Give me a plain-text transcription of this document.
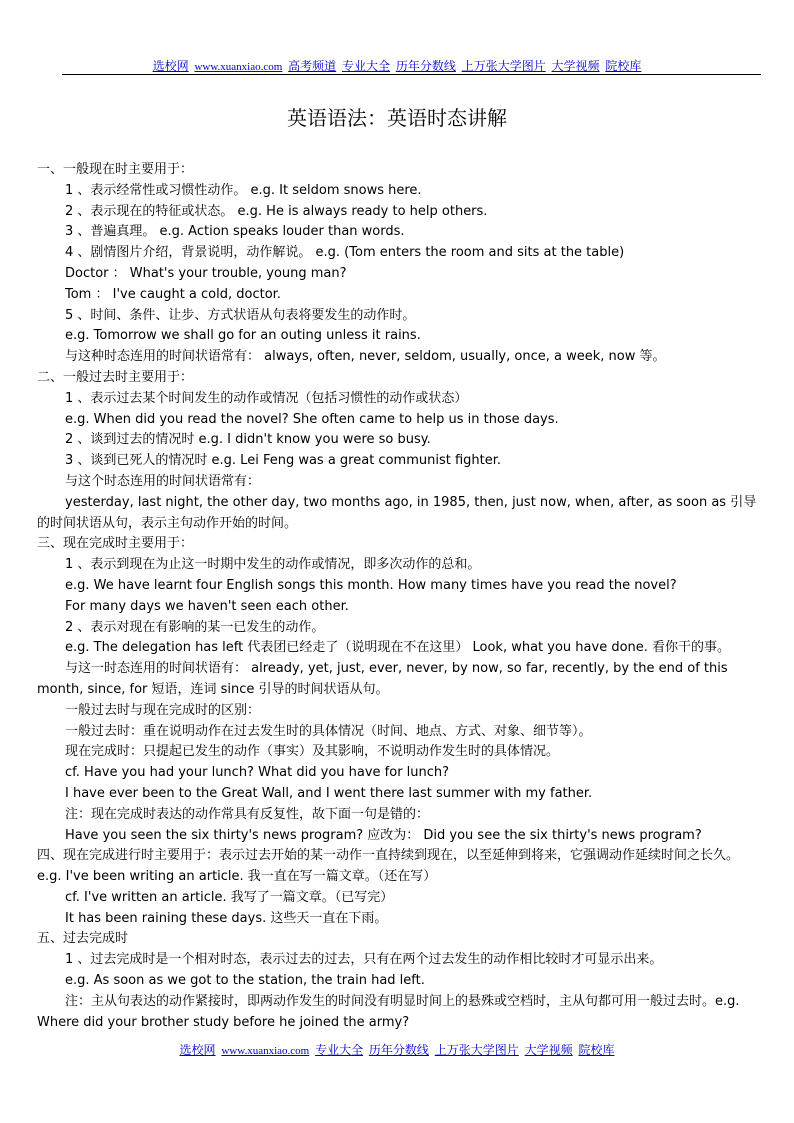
选校网 www.xuanxiao.com 高考频道 专业大全 历年分数线 上万张大学图片 大学视频 院校库
英语语法：英语时态讲解

一、一般现在时主要用于：

1 、表示经常性或习惯性动作。 e.g. It seldom snows here.

2 、表示现在的特征或状态。 e.g. He is always ready to help others.

3 、普遍真理。 e.g. Action speaks louder than words.

4 、剧情图片介绍，背景说明，动作解说。 e.g. (Tom enters the room and sits at the table)

Doctor ： What's your trouble, young man?

Tom ： I've caught a cold, doctor.

5 、时间、条件、让步、方式状语从句表将要发生的动作时。

e.g. Tomorrow we shall go for an outing unless it rains.

与这种时态连用的时间状语常有： always, often, never, seldom, usually, once, a week, now 等。

二、一般过去时主要用于：

1 、表示过去某个时间发生的动作或情况（包括习惯性的动作或状态）

e.g. When did you read the novel? She often came to help us in those days.

2 、谈到过去的情况时 e.g. I didn't know you were so busy.

3 、谈到已死人的情况时 e.g. Lei Feng was a great communist fighter.

与这个时态连用的时间状语常有：

yesterday, last night, the other day, two months ago, in 1985, then, just now, when, after, as soon as 引导的时间状语从句，表示主句动作开始的时间。

三、现在完成时主要用于：

1 、表示到现在为止这一时期中发生的动作或情况，即多次动作的总和。

e.g. We have learnt four English songs this month. How many times have you read the novel?

For many days we haven't seen each other.

2 、表示对现在有影响的某一已发生的动作。

e.g. The delegation has left 代表团已经走了（说明现在不在这里） Look, what you have done. 看你干的事。

与这一时态连用的时间状语有： already, yet, just, ever, never, by now, so far, recently, by the end of this month, since, for 短语，连词 since 引导的时间状语从句。

一般过去时与现在完成时的区别：

一般过去时：重在说明动作在过去发生时的具体情况（时间、地点、方式、对象、细节等）。

现在完成时：只提起已发生的动作（事实）及其影响，不说明动作发生时的具体情况。

cf. Have you had your lunch? What did you have for lunch?

I have ever been to the Great Wall, and I went there last summer with my father.

注：现在完成时表达的动作常具有反复性，故下面一句是错的：

Have you seen the six thirty's news program? 应改为： Did you see the six thirty's news program?

四、现在完成进行时主要用于：表示过去开始的某一动作一直持续到现在，以至延伸到将来，它强调动作延续时间之长久。e.g. I've been writing an article. 我一直在写一篇文章。（还在写）

cf. I've written an article. 我写了一篇文章。（已写完）

It has been raining these days. 这些天一直在下雨。

五、过去完成时

1 、过去完成时是一个相对时态，表示过去的过去，只有在两个过去发生的动作相比较时才可显示出来。

e.g. As soon as we got to the station, the train had left.

注：主从句表达的动作紧接时，即两动作发生的时间没有明显时间上的悬殊或空档时，主从句都可用一般过去时。e.g. Where did your brother study before he joined the army?

选校网 www.xuanxiao.com 专业大全 历年分数线 上万张大学图片 大学视频 院校库
